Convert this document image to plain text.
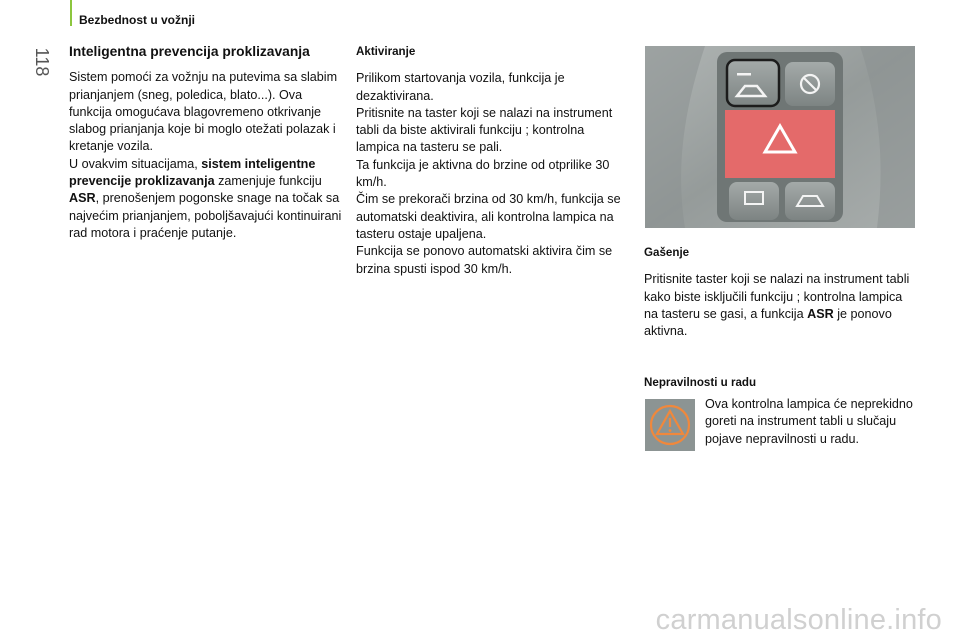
Bezbednost u vožnji
118	Inteligentna prevencija proklizavanja

Sistem pomoći za vožnju na putevima sa slabim prianjanjem (sneg, poledica, blato...). Ova funkcija omogućava blagovremeno otkrivanje slabog prianjanja koje bi moglo otežati polazak i kretanje vozila.

U ovakvim situacijama, sistem inteligentne prevencije proklizavanja zamenjuje funkciju ASR, prenošenjem pogonske snage na točak sa najvećim prianjanjem, poboljšavajući kontinuirani rad motora i praćenje putanje.

Aktiviranje

Prilikom startovanja vozila, funkcija je dezaktivirana.

Pritisnite na taster koji se nalazi na instrument tabli da biste aktivirali funkciju ; kontrolna lampica na tasteru se pali.

Ta funkcija je aktivna do brzine od otprilike 30 km/h.

Čim se prekorači brzina od 30 km/h, funkcija se automatski deaktivira, ali kontrolna lampica na tasteru ostaje upaljena.

Funkcija se ponovo automatski aktivira čim se brzina spusti ispod 30 km/h.

Gašenje

Pritisnite taster koji se nalazi na instrument tabli kako biste isključili funkciju ; kontrolna lampica na tasteru se gasi, a funkcija ASR je ponovo aktivna.

Nepravilnosti u radu
Ova kontrolna lampica će neprekidno goreti na instrument tabli u slučaju pojave nepravilnosti u radu.
carmanualsonline.info
